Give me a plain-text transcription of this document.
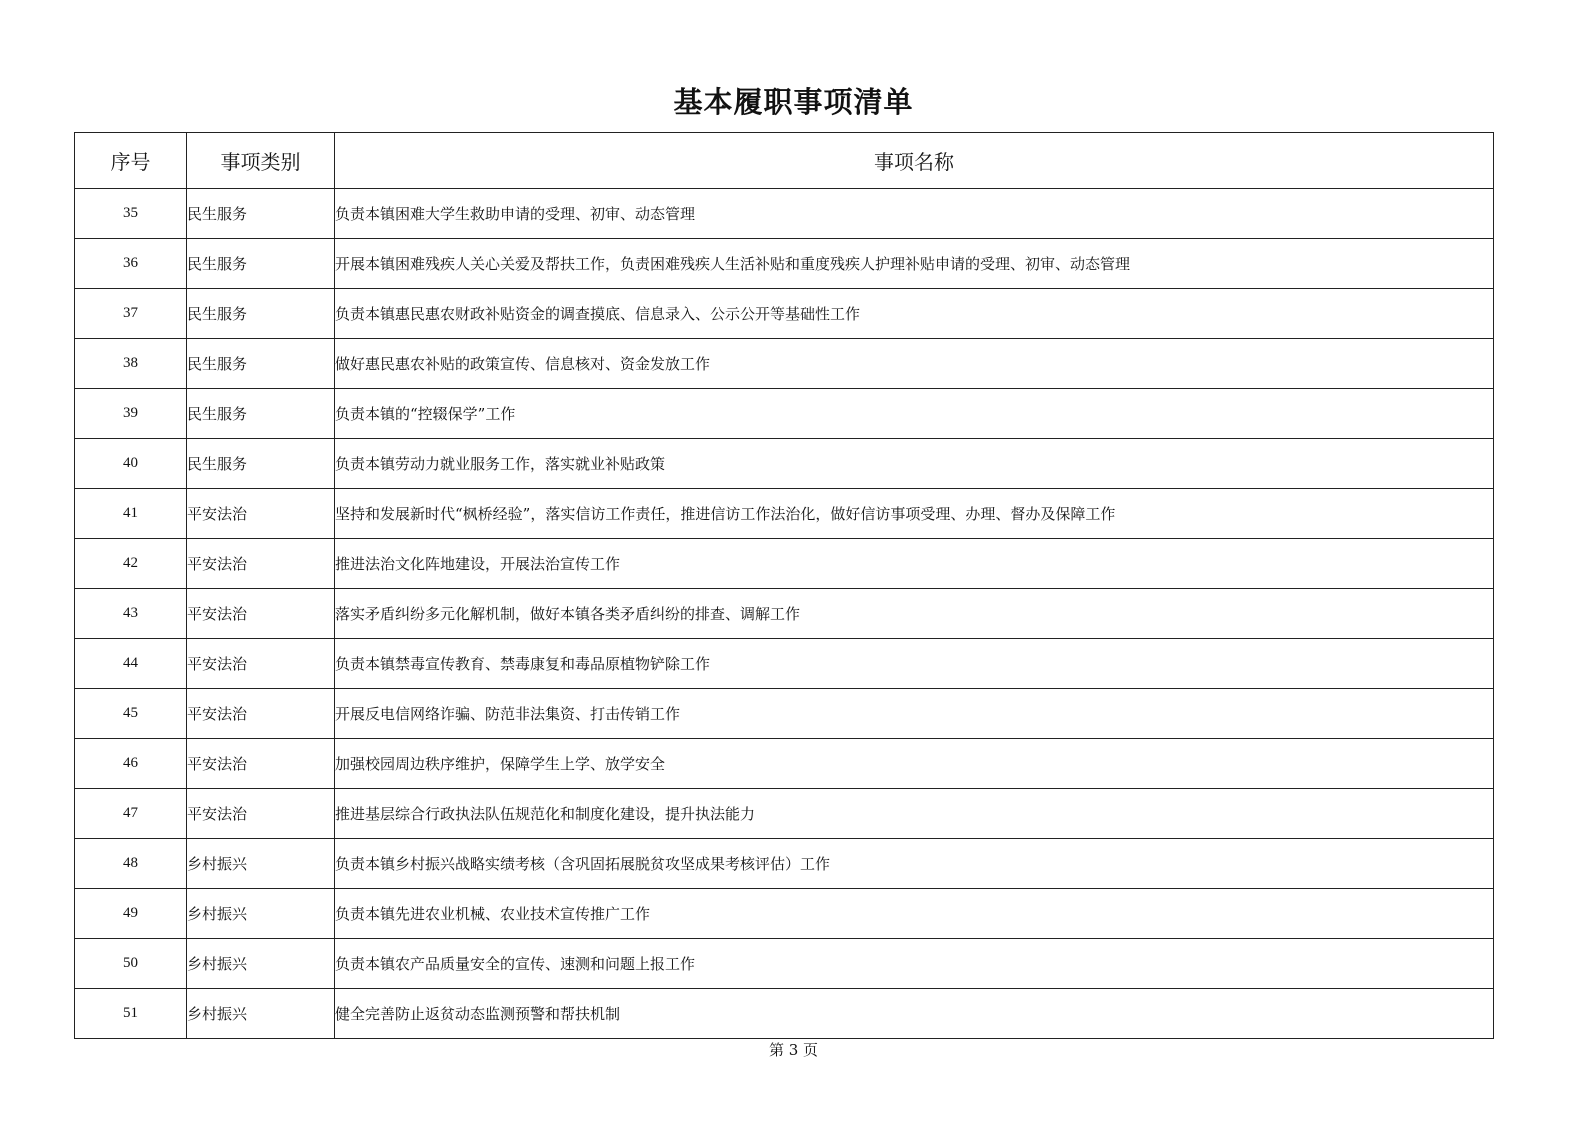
基本履职事项清单
序号	事项类别	事项名称
35	民生服务	负责本镇困难大学生救助申请的受理、初审、动态管理
36	民生服务	开展本镇困难残疾人关心关爱及帮扶工作，负责困难残疾人生活补贴和重度残疾人护理补贴申请的受理、初审、动态管理
37	民生服务	负责本镇惠民惠农财政补贴资金的调查摸底、信息录入、公示公开等基础性工作
38	民生服务	做好惠民惠农补贴的政策宣传、信息核对、资金发放工作
39	民生服务	负责本镇的“控辍保学”工作
40	民生服务	负责本镇劳动力就业服务工作，落实就业补贴政策
41	平安法治	坚持和发展新时代“枫桥经验”，落实信访工作责任，推进信访工作法治化，做好信访事项受理、办理、督办及保障工作
42	平安法治	推进法治文化阵地建设，开展法治宣传工作
43	平安法治	落实矛盾纠纷多元化解机制，做好本镇各类矛盾纠纷的排查、调解工作
44	平安法治	负责本镇禁毒宣传教育、禁毒康复和毒品原植物铲除工作
45	平安法治	开展反电信网络诈骗、防范非法集资、打击传销工作
46	平安法治	加强校园周边秩序维护，保障学生上学、放学安全
47	平安法治	推进基层综合行政执法队伍规范化和制度化建设，提升执法能力
48	乡村振兴	负责本镇乡村振兴战略实绩考核（含巩固拓展脱贫攻坚成果考核评估）工作
49	乡村振兴	负责本镇先进农业机械、农业技术宣传推广工作
50	乡村振兴	负责本镇农产品质量安全的宣传、速测和问题上报工作
51	乡村振兴	健全完善防止返贫动态监测预警和帮扶机制
第 3 页
